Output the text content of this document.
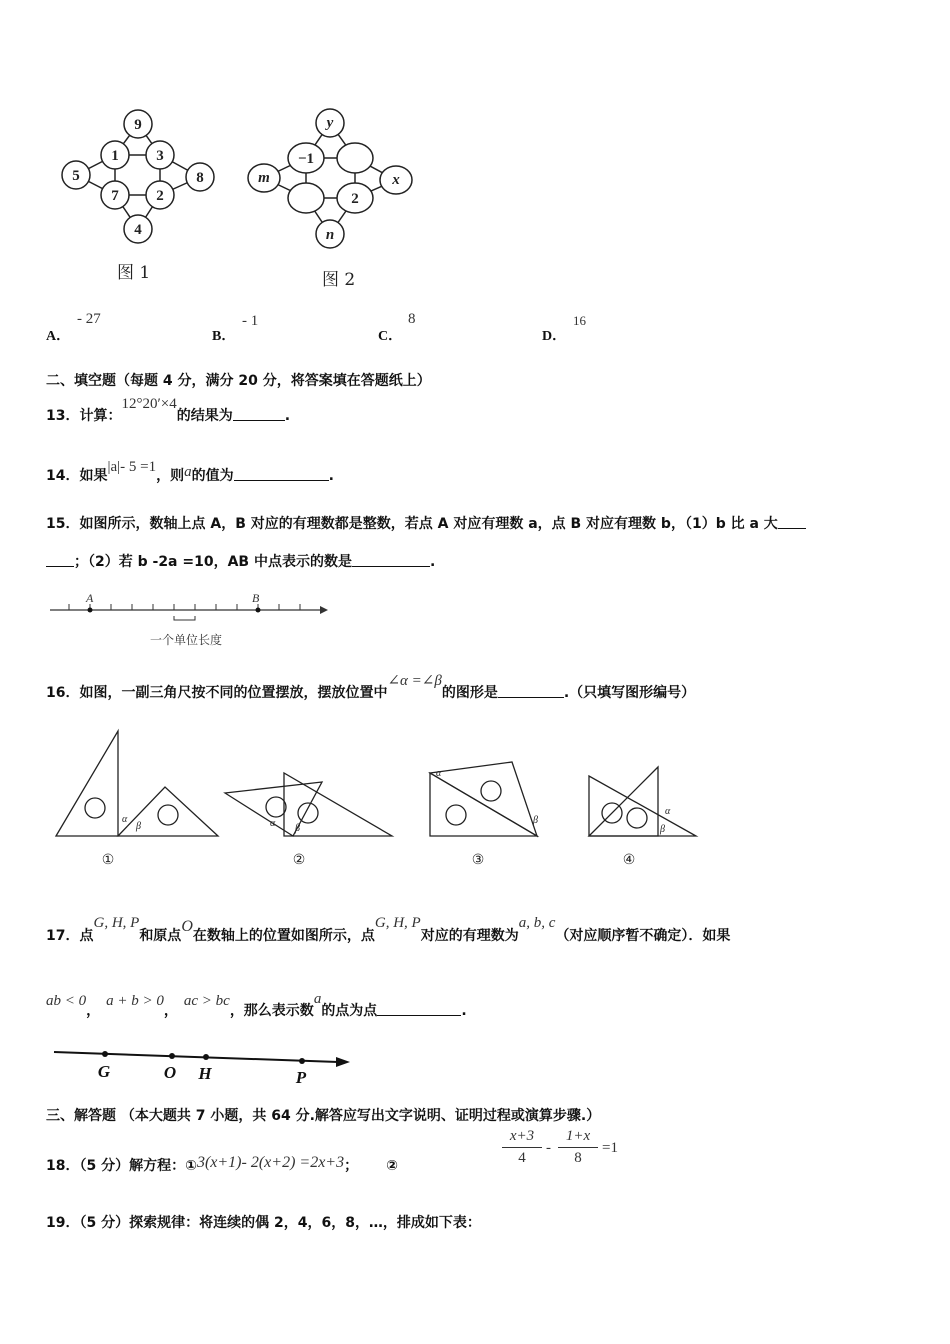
9
1	3
5	8
7	2
4
y
−1
m	x
2
n
图 1	图 2
A．
- 27
B．
- 1
C．
8
D．
16
二、填空题（每题 4 分，满分 20 分，将答案填在答题纸上）
13．计算：12°20′×4的结果为	.
14．如果|a|- 5 =1，则a的值为	.
15．如图所示，数轴上点 A，B 对应的有理数都是整数，若点 A 对应有理数 a，点 B 对应有理数 b，（1）b 比 a 大
；（2）若 b -2a =10，AB 中点表示的数是	.
A	B
一个单位长度
16．如图，一副三角尺按不同的位置摆放，摆放位置中∠α =∠β的图形是	.（只填写图形编号）
α
β	α β
α
β
α
β
①	②	③	④
17．点G, H, P和原点O在数轴上的位置如图所示，点G, H, P对应的有理数为a, b, c（对应顺序暂不确定）．如果
ab < 0，a + b > 0，ac > bc，那么表示数a的点为点	.
G	O H	P
三、解答题 （本大题共 7 小题，共 64 分.解答应写出文字说明、证明过程或演算步骤.）
18．（5 分）解方程：①3(x+1)- 2(x+2) =2x+3； ②
x+3
4
-
1+x
8
=1
19．（5 分）探索规律：将连续的偶 2，4，6，8，…，排成如下表：
